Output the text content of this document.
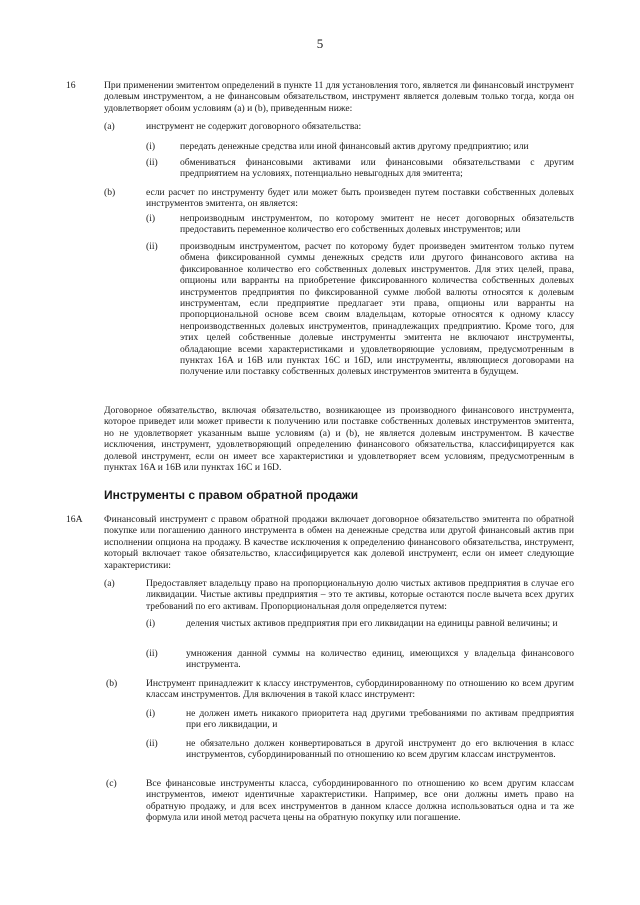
5
16	При применении эмитентом определений в пункте 11 для установления того, является ли финансовый инструмент долевым инструментом, а не финансовым обязательством, инструмент является долевым только тогда, когда он удовлетворяет обоим условиям (a) и (b), приведенным ниже:
(a)	инструмент не содержит договорного обязательства:
(i)	передать денежные средства или иной финансовый актив другому предприятию; или
(ii) обмениваться финансовыми активами или финансовыми обязательствами с другим предприятием на условиях, потенциально невыгодных для эмитента;
(b)	если расчет по инструменту будет или может быть произведен путем поставки собственных долевых инструментов эмитента, он является:
(i)	непроизводным инструментом, по которому эмитент не несет договорных обязательств предоставить переменное количество его собственных долевых инструментов; или
(ii) производным инструментом, расчет по которому будет произведен эмитентом только путем обмена фиксированной суммы денежных средств или другого финансового актива на фиксированное количество его собственных долевых инструментов. Для этих целей, права, опционы или варранты на приобретение фиксированного количества собственных долевых инструментов предприятия по фиксированной сумме любой валюты относятся к долевым инструментам, если предприятие предлагает эти права, опционы или варранты на пропорциональной основе всем своим владельцам, которые относятся к одному классу непроизводственных долевых инструментов, принадлежащих предприятию. Кроме того, для этих целей собственные долевые инструменты эмитента не включают инструменты, обладающие всеми характеристиками и удовлетворяющие условиям, предусмотренным в пунктах 16A и 16B или пунктах 16C и 16D, или инструменты, являющиеся договорами на получение или поставку собственных долевых инструментов эмитента в будущем.
Договорное обязательство, включая обязательство, возникающее из производного финансового инструмента, которое приведет или может привести к получению или поставке собственных долевых инструментов эмитента, но не удовлетворяет указанным выше условиям (a) и (b), не является долевым инструментом. В качестве исключения, инструмент, удовлетворяющий определению финансового обязательства, классифицируется как долевой инструмент, если он имеет все характеристики и удовлетворяет всем условиям, предусмотренным в пунктах 16A и 16B или пунктах 16C и 16D.
Инструменты с правом обратной продажи
16A Финансовый инструмент с правом обратной продажи включает договорное обязательство эмитента по обратной покупке или погашению данного инструмента в обмен на денежные средства или другой финансовый актив при исполнении опциона на продажу. В качестве исключения к определению финансового обязательства, инструмент, который включает такое обязательство, классифицируется как долевой инструмент, если он имеет следующие характеристики:
(a)	Предоставляет владельцу право на пропорциональную долю чистых активов предприятия в случае его ликвидации. Чистые активы предприятия – это те активы, которые остаются после вычета всех других требований по его активам. Пропорциональная доля определяется путем:
(i)	деления чистых активов предприятия при его ликвидации на единицы равной величины; и
(ii)	умножения данной суммы на количество единиц, имеющихся у владельца финансового инструмента.
(b)	Инструмент принадлежит к классу инструментов, субординированному по отношению ко всем другим классам инструментов. Для включения в такой класс инструмент:
(i)	не должен иметь никакого приоритета над другими требованиями по активам предприятия при его ликвидации, и
(ii)	не обязательно должен конвертироваться в другой инструмент до его включения в класс инструментов, субординированный по отношению ко всем другим классам инструментов.
(c)	Все финансовые инструменты класса, субординированного по отношению ко всем другим классам инструментов, имеют идентичные характеристики. Например, все они должны иметь право на обратную продажу, и для всех инструментов в данном классе должна использоваться одна и та же формула или иной метод расчета цены на обратную покупку или погашение.
